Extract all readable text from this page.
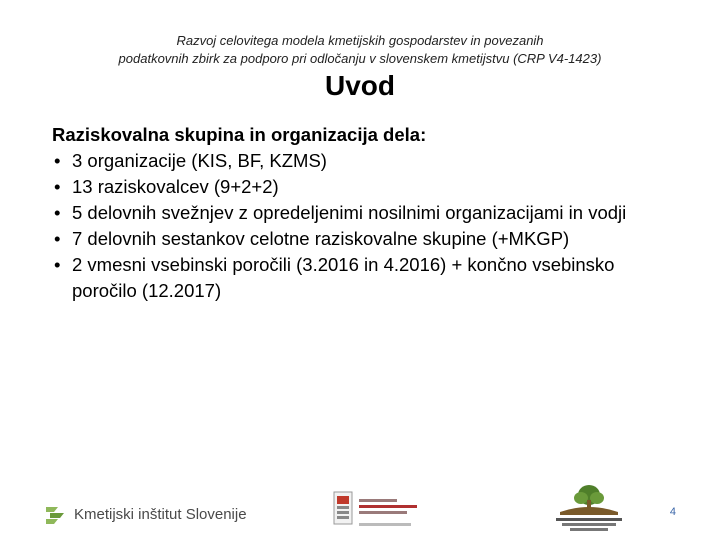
Razvoj celovitega modela kmetijskih gospodarstev in povezanih
podatkovnih zbirk za podporo pri odločanju v slovenskem kmetijstvu (CRP V4-1423)
Uvod
Raziskovalna skupina in organizacija dela:
• 3 organizacije (KIS, BF, KZMS)
• 13 raziskovalcev (9+2+2)
• 5 delovnih svežnjev z opredeljenimi nosilnimi organizacijami in vodji
• 7 delovnih sestankov celotne raziskovalne skupine (+MKGP)
• 2 vmesni vsebinski poročili (3.2016 in 4.2016) + končno vsebinsko poročilo (12.2017)
Kmetijski inštitut Slovenije	4
